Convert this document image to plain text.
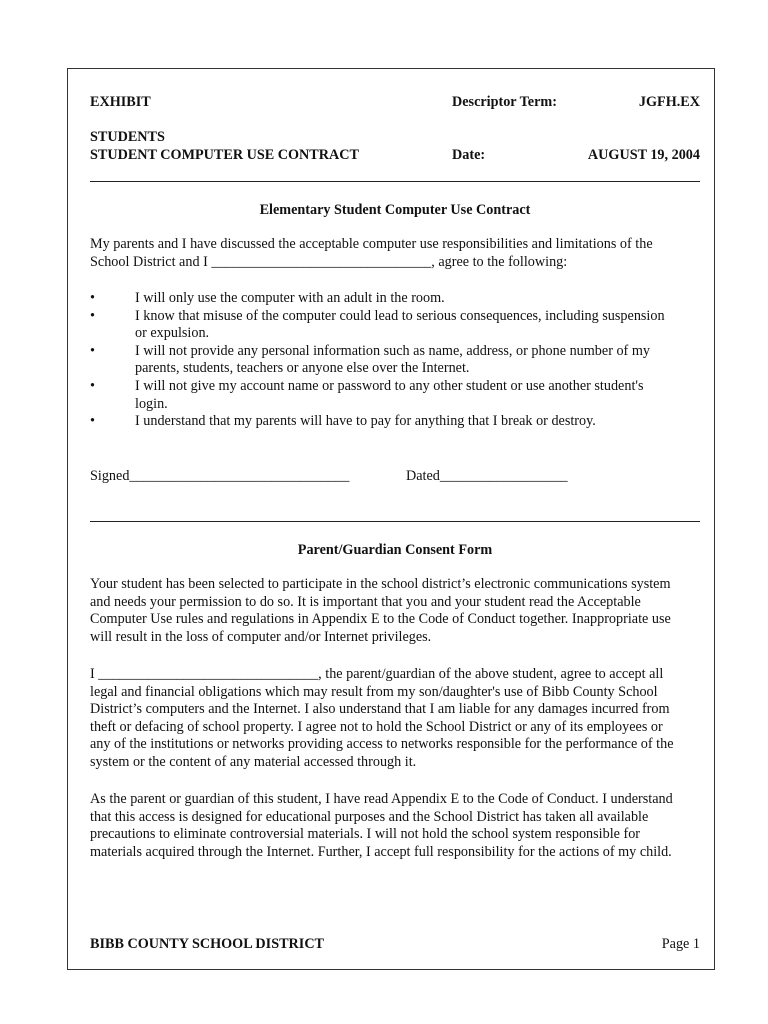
EXHIBIT	Descriptor Term:	JGFH.EX
STUDENTS
STUDENT COMPUTER USE CONTRACT	Date:	AUGUST 19, 2004
Elementary Student Computer Use Contract
My parents and I have discussed the acceptable computer use responsibilities and limitations of the
School District and I _______________________________, agree to the following:
•	I will only use the computer with an adult in the room.
•	I know that misuse of the computer could lead to serious consequences, including suspension
or expulsion.
•	I will not provide any personal information such as name, address, or phone number of my
parents, students, teachers or anyone else over the Internet.
•	I will not give my account name or password to any other student or use another student's
login.
•	I understand that my parents will have to pay for anything that I break or destroy.
Signed_______________________________	Dated__________________
Parent/Guardian Consent Form
Your student has been selected to participate in the school district’s electronic communications system
and needs your permission to do so. It is important that you and your student read the Acceptable
Computer Use rules and regulations in Appendix E to the Code of Conduct together. Inappropriate use
will result in the loss of computer and/or Internet privileges.
I _______________________________, the parent/guardian of the above student, agree to accept all
legal and financial obligations which may result from my son/daughter's use of Bibb County School
District’s computers and the Internet. I also understand that I am liable for any damages incurred from
theft or defacing of school property. I agree not to hold the School District or any of its employees or
any of the institutions or networks providing access to networks responsible for the performance of the
system or the content of any material accessed through it.
As the parent or guardian of this student, I have read Appendix E to the Code of Conduct. I understand
that this access is designed for educational purposes and the School District has taken all available
precautions to eliminate controversial materials. I will not hold the school system responsible for
materials acquired through the Internet. Further, I accept full responsibility for the actions of my child.
BIBB COUNTY SCHOOL DISTRICT	Page 1
